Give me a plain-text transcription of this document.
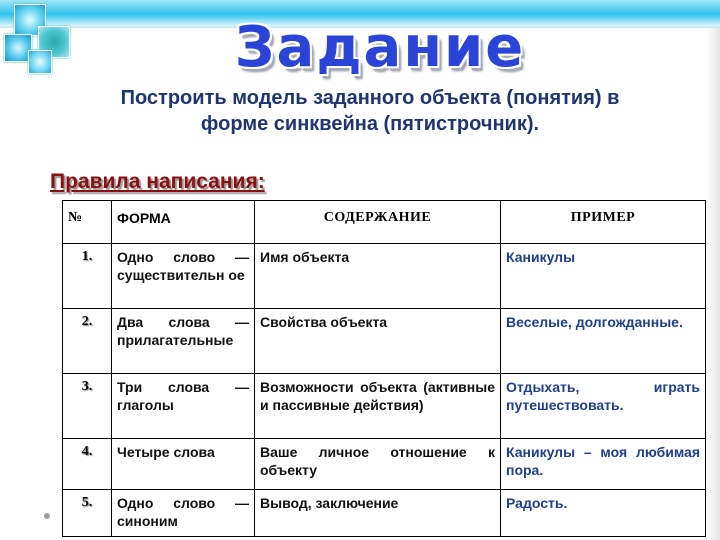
Задание
Построить модель заданного объекта (понятия) в
форме синквейна (пятистрочник).
Правила написания:
№	ФОРМА	СОДЕРЖАНИЕ	ПРИМЕР
1.	Одно слово — существительн ое	Имя объекта	Каникулы
2.	Два слова — прилагательные	Свойства объекта	Веселые, долгожданные.
3.	Три слова — глаголы	Возможности объекта (активные и пассивные действия)	Отдыхать, играть путешествовать.
4.	Четыре слова	Ваше личное отношение к объекту	Каникулы – моя любимая пора.
5.	Одно слово — синоним	Вывод, заключение	Радость.
